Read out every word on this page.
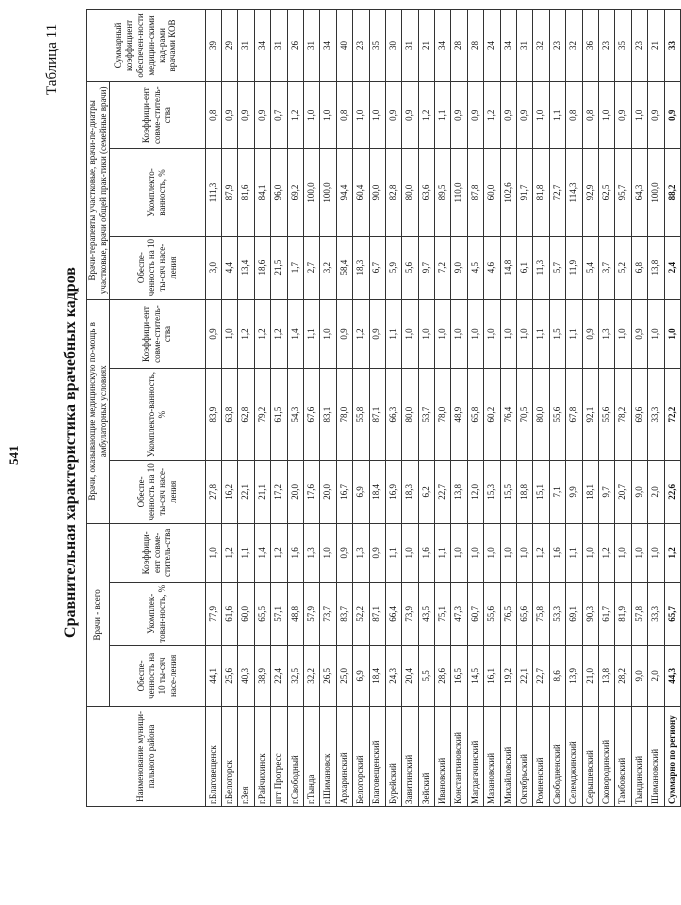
541
Таблица 11
Сравнительная характеристика врачебных кадров
Наименование муници-пального района	Врачи - всего			Врачи, оказывающие медицинскую по-мощь в амбулаторных условиях			Врачи-терапевты участковые, врачи-пе-диатры участковые, врачи общей прак-тики (семейные врачи)			Суммарный коэффициент обеспечен-ности медицин-скими кад-рами врачами КОВ
	Обеспе-ченность на 10 ты-сяч насе-ления	Укомплек-тован-ность, %	Коэффици-ент совме-ститель-ства	Обеспе-ченность на 10 ты-сяч насе-ления	Укомплекто-ванность, %	Коэффици-ент совме-ститель-ства	Обеспе-ченность на 10 ты-сяч насе-ления	Укомплекто-ванность, %	Коэффици-ент совме-ститель-ства	
г.Благовещенск	44,1	77,9	1,0	27,8	83,9	0,9	3,0	111,3	0,8	39
г.Белогорск	25,6	61,6	1,2	16,2	63,8	1,0	4,4	87,9	0,9	29
г.Зея	40,3	60,0	1,1	22,1	62,8	1,2	13,4	81,6	0,9	31
г.Райчихинск	38,9	65,5	1,4	21,1	79,2	1,2	18,6	84,1	0,9	34
пгт Прогресс	22,4	57,1	1,2	17,2	61,5	1,2	21,5	96,0	0,7	31
г.Свободный	32,5	48,8	1,6	20,0	54,3	1,4	1,7	69,2	1,2	26
г.Тында	32,2	57,9	1,3	17,6	67,6	1,1	2,7	100,0	1,0	31
г.Шимановск	26,5	73,7	1,0	20,0	83,1	1,0	3,2	100,0	1,0	34
Архаринский	25,0	83,7	0,9	16,7	78,0	0,9	58,4	94,4	0,8	40
Белогорский	6,9	52,2	1,3	6,9	55,8	1,2	18,3	60,4	1,0	23
Благовещенский	18,4	87,1	0,9	18,4	87,1	0,9	6,7	90,0	1,0	35
Бурейский	24,3	66,4	1,1	16,9	66,3	1,1	5,9	82,8	0,9	30
Завитинский	20,4	73,9	1,0	18,3	80,0	1,0	5,6	80,0	0,9	31
Зейский	5,5	43,5	1,6	6,2	53,7	1,0	9,7	63,6	1,2	21
Ивановский	28,6	75,1	1,1	22,7	78,0	1,0	7,2	89,5	1,1	34
Константиновский	16,5	47,3	1,0	13,8	48,9	1,0	9,0	110,0	0,9	28
Магдагачинский	14,5	60,7	1,0	12,0	65,8	1,0	4,5	87,8	0,9	28
Мазановский	16,1	55,6	1,0	15,3	60,2	1,0	4,6	60,0	1,2	24
Михайловский	19,2	76,5	1,0	15,5	76,4	1,0	14,8	102,6	0,9	34
Октябрьский	22,1	65,6	1,0	18,8	70,5	1,0	6,1	91,7	0,9	31
Ромненский	22,7	75,8	1,2	15,1	80,0	1,1	11,3	81,8	1,0	32
Свободненский	8,6	53,3	1,6	7,1	55,6	1,5	5,7	72,7	1,1	23
Селемджинский	13,9	69,1	1,1	9,9	67,8	1,1	11,9	114,3	0,8	32
Серышевский	21,0	90,3	1,0	18,1	92,1	0,9	5,4	92,9	0,8	36
Сковородинский	13,8	61,7	1,2	9,7	55,6	1,3	3,7	62,5	1,0	23
Тамбовский	28,2	81,9	1,0	20,7	78,2	1,0	5,2	95,7	0,9	35
Тындинский	9,0	57,8	1,0	9,0	69,6	0,9	6,8	64,3	1,0	23
Шимановский	2,0	33,3	1,0	2,0	33,3	1,0	13,8	100,0	0,9	21
Суммарно по региону	44,3	65,7	1,2	22,6	72,2	1,0	2,4	88,2	0,9	33
